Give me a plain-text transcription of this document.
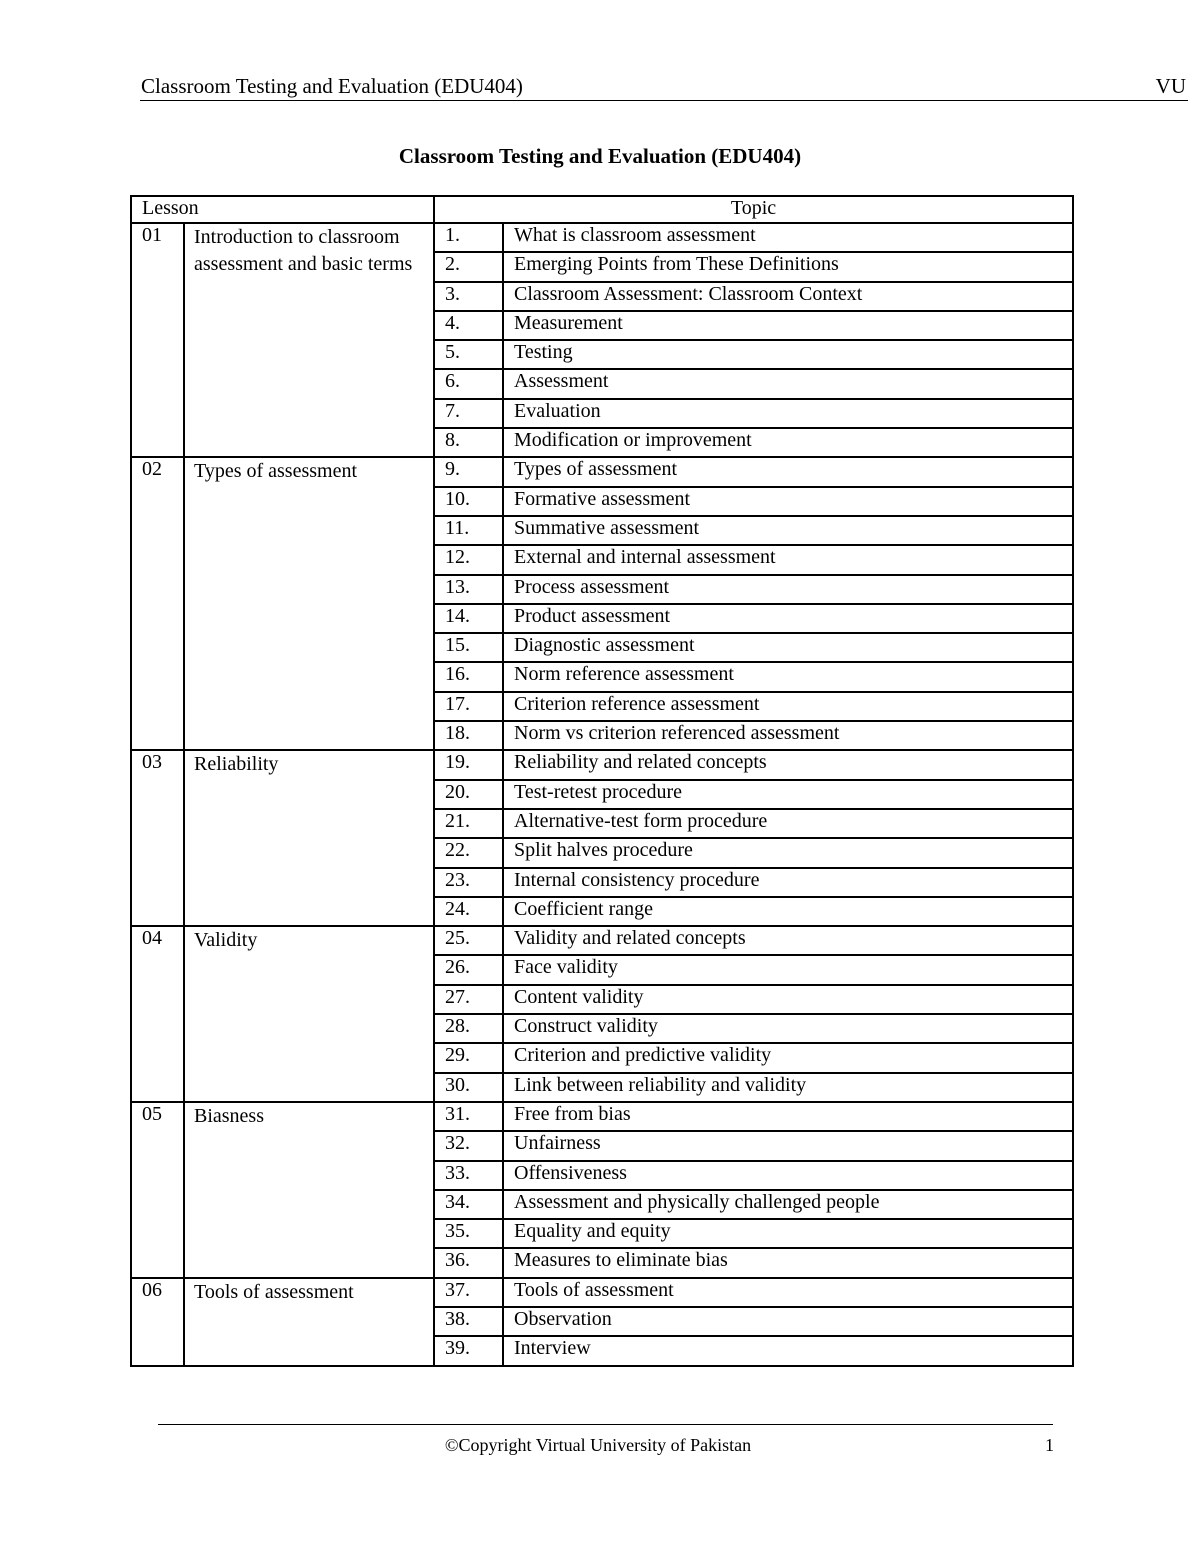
Classroom Testing and Evaluation (EDU404)	VU
Classroom Testing and Evaluation (EDU404)
Lesson		Topic	
01	Introduction to classroom assessment and basic terms	1.	What is classroom assessment
		2.	Emerging Points from These Definitions
		3.	Classroom Assessment: Classroom Context
		4.	Measurement
		5.	Testing
		6.	Assessment
		7.	Evaluation
		8.	Modification or improvement
02	Types of assessment	9.	Types of assessment
		10.	Formative assessment
		11.	Summative assessment
		12.	External and internal assessment
		13.	Process assessment
		14.	Product assessment
		15.	Diagnostic assessment
		16.	Norm reference assessment
		17.	Criterion reference assessment
		18.	Norm vs criterion referenced assessment
03	Reliability	19.	Reliability and related concepts
		20.	Test-retest procedure
		21.	Alternative-test form procedure
		22.	Split halves procedure
		23.	Internal consistency procedure
		24.	Coefficient range
04	Validity	25.	Validity and related concepts
		26.	Face validity
		27.	Content validity
		28.	Construct validity
		29.	Criterion and predictive validity
		30.	Link between reliability and validity
05	Biasness	31.	Free from bias
		32.	Unfairness
		33.	Offensiveness
		34.	Assessment and physically challenged people
		35.	Equality and equity
		36.	Measures to eliminate bias
06	Tools of assessment	37.	Tools of assessment
		38.	Observation
		39.	Interview
©Copyright Virtual University of Pakistan	1
